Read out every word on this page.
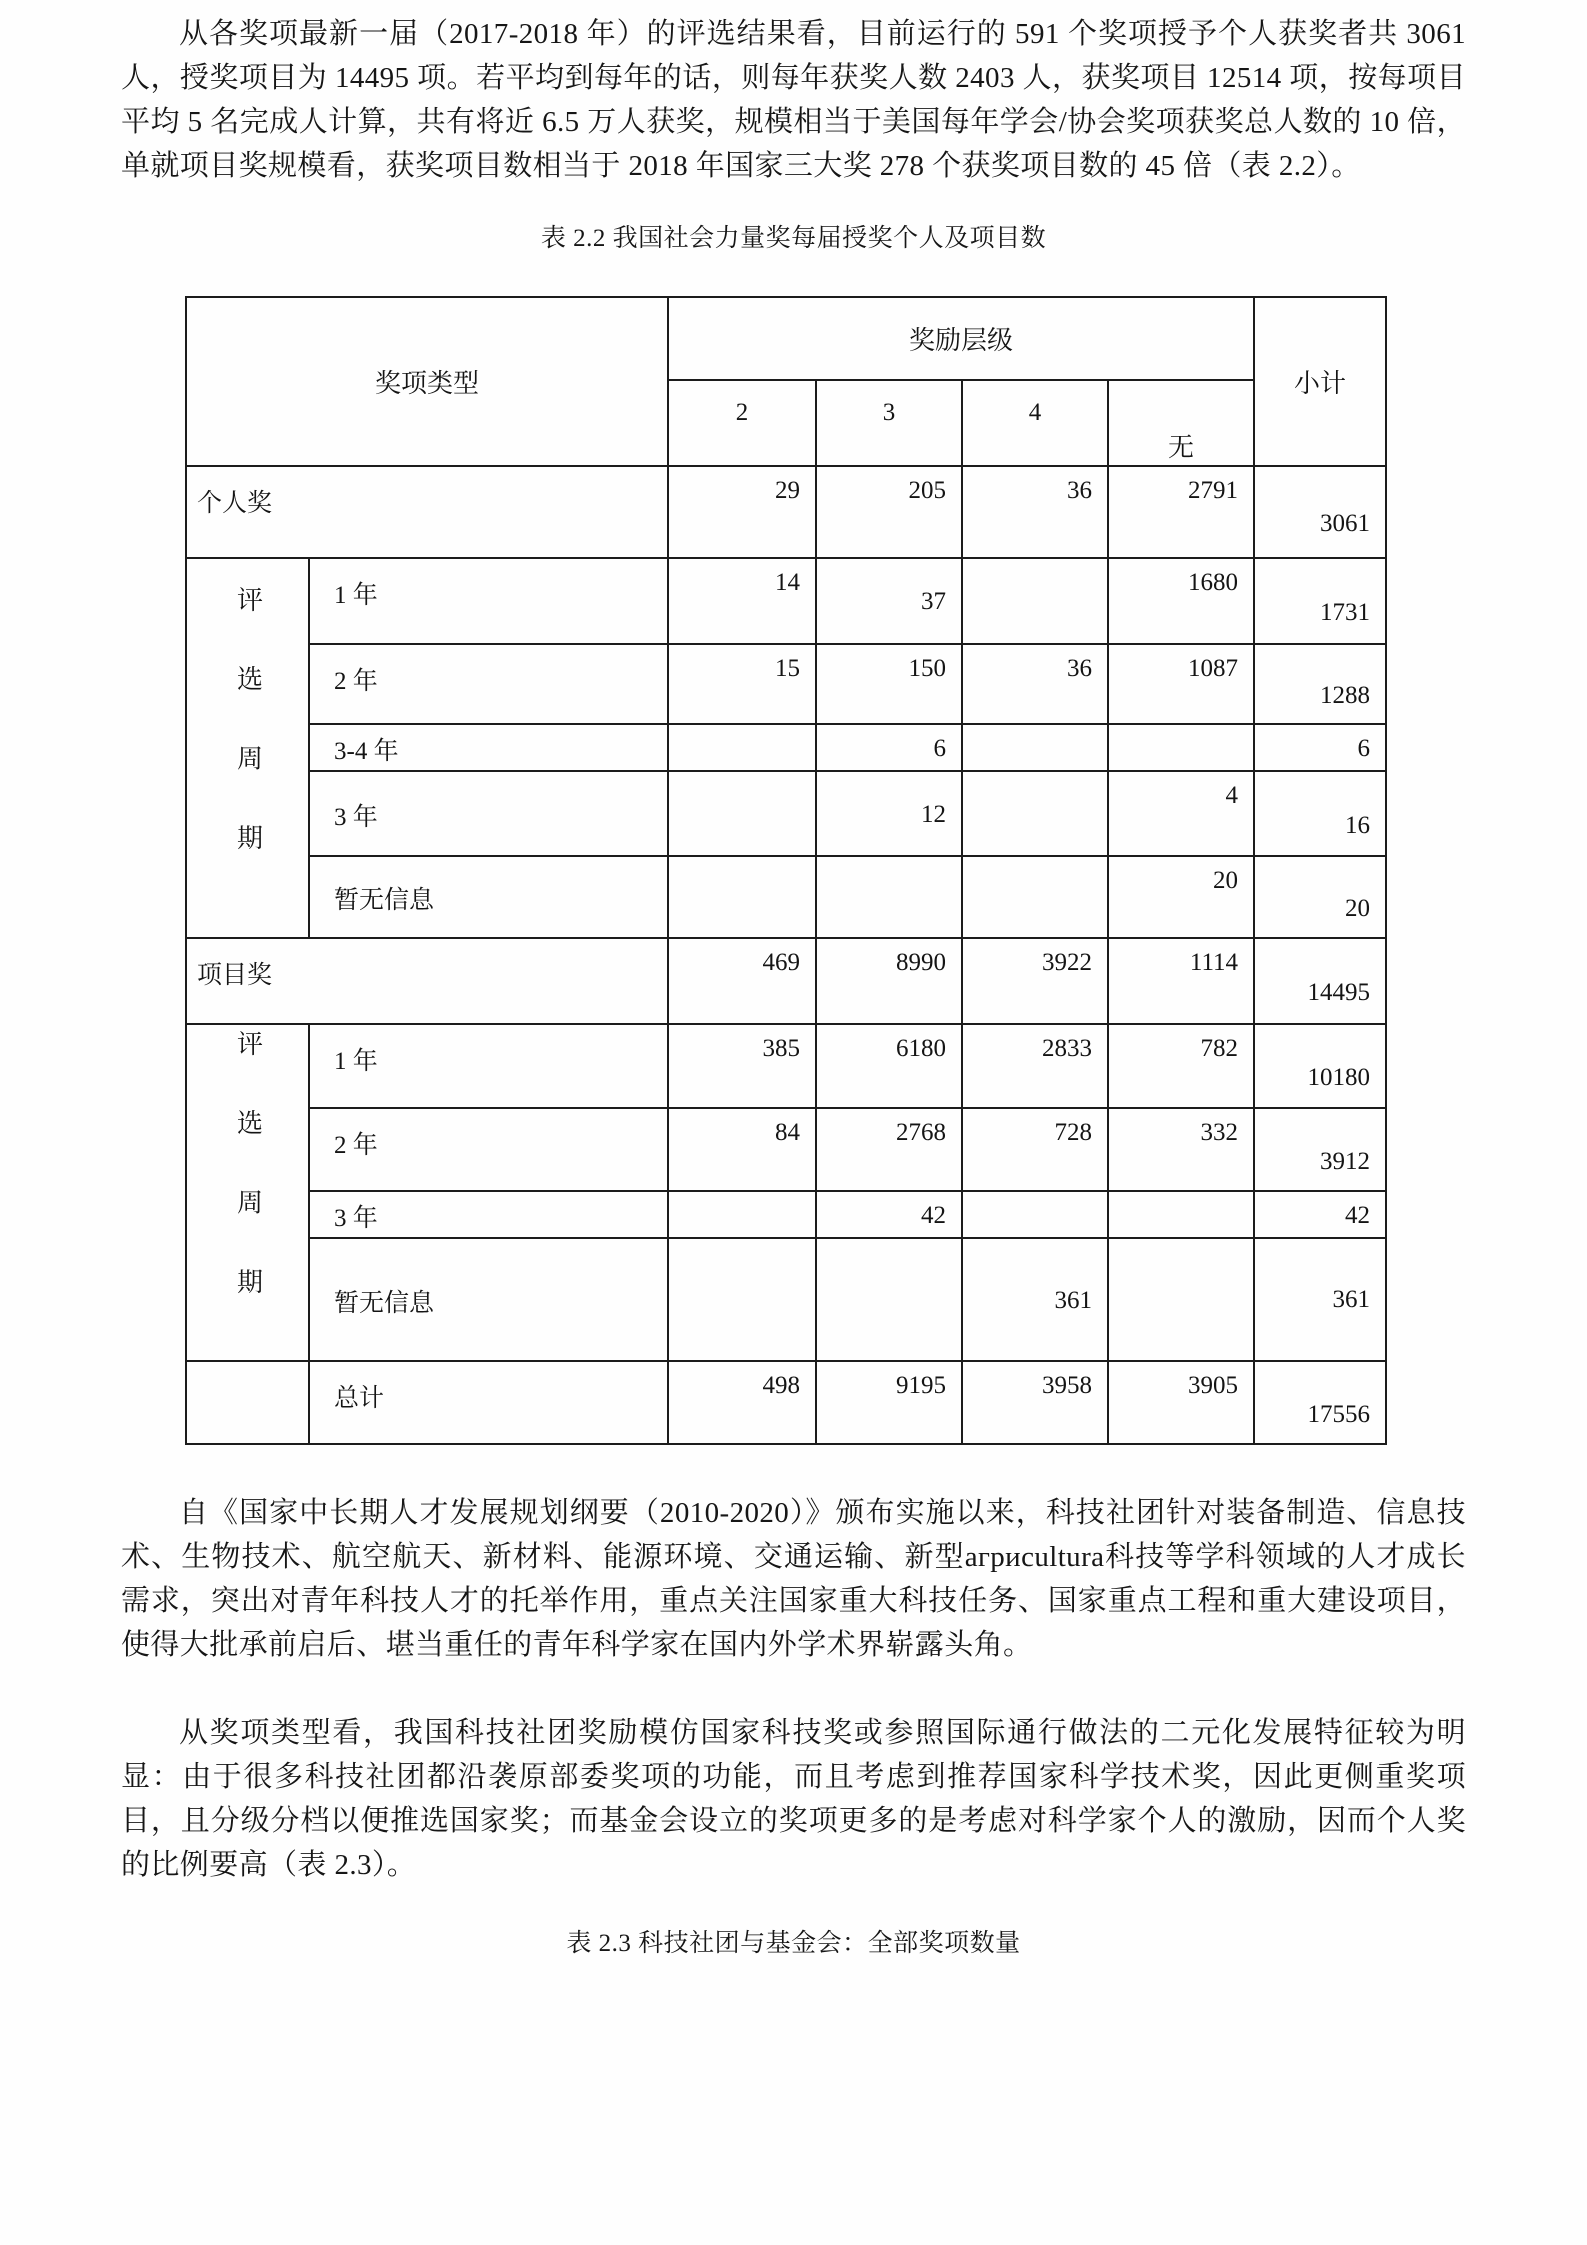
从各奖项最新一届（2017-2018 年）的评选结果看，目前运行的 591 个奖项授予个人获奖者共 3061 人，授奖项目为 14495 项。若平均到每年的话，则每年获奖人数 2403 人，获奖项目 12514 项，按每项目平均 5 名完成人计算，共有将近 6.5 万人获奖，规模相当于美国每年学会/协会奖项获奖总人数的 10 倍，单就项目奖规模看，获奖项目数相当于 2018 年国家三大奖 278 个获奖项目数的 45 倍（表 2.2）。

表 2.2 我国社会力量奖每届授奖个人及项目数
奖项类型		奖励层级				小计
		2	3	4	无	
个人奖		29	205	36	2791	3061
评选周期	1 年	14	37		1680	1731
	2 年	15	150	36	1087	1288
	3-4 年		6			6
	3 年		12		4	16
	暂无信息				20	20
项目奖		469	8990	3922	1114	14495
评选周期	1 年	385	6180	2833	782	10180
	2 年	84	2768	728	332	3912
	3 年		42			42
	暂无信息			361		361
	总计	498	9195	3958	3905	17556

自《国家中长期人才发展规划纲要（2010-2020）》颁布实施以来，科技社团针对装备制造、信息技术、生物技术、航空航天、新材料、能源环境、交通运输、新型агриcultura科技等学科领域的人才成长需求，突出对青年科技人才的托举作用，重点关注国家重大科技任务、国家重点工程和重大建设项目，使得大批承前启后、堪当重任的青年科学家在国内外学术界崭露头角。

从奖项类型看，我国科技社团奖励模仿国家科技奖或参照国际通行做法的二元化发展特征较为明显：由于很多科技社团都沿袭原部委奖项的功能，而且考虑到推荐国家科学技术奖，因此更侧重奖项目，且分级分档以便推选国家奖；而基金会设立的奖项更多的是考虑对科学家个人的激励，因而个人奖的比例要高（表 2.3）。

表 2.3 科技社团与基金会：全部奖项数量
